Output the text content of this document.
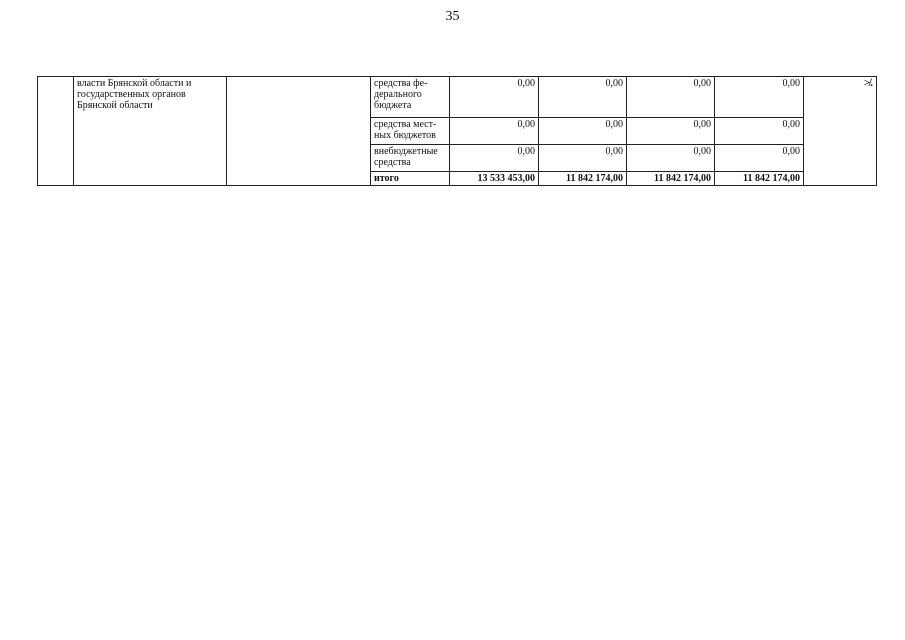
35
	власти Брянской области и государственных органов Брянской области		средства фе-
дерального
бюджета	0,00	0,00	0,00	0,00	≯.
			средства мест-
ных бюджетов	0,00	0,00	0,00	0,00	
			внебюджетные
средства	0,00	0,00	0,00	0,00	
			итого	13 533 453,00	11 842 174,00	11 842 174,00	11 842 174,00	
